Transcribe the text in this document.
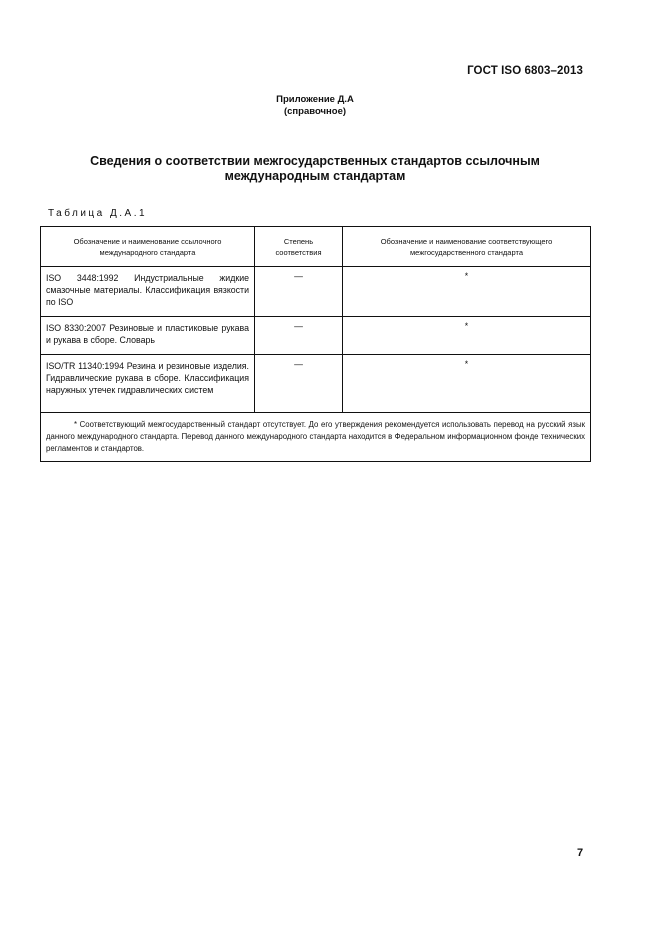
ГОСТ ISO 6803–2013
Приложение Д.А
(справочное)
Сведения о соответствии межгосударственных стандартов ссылочным
международным стандартам
Таблица Д.А.1
Обозначение и наименование ссылочного международного стандарта	Степень соответствия	Обозначение и наименование соответствующего межгосударственного стандарта
ISO 3448:1992 Индустриальные жидкие смазочные материалы. Классификация вязкости по ISO	—	*
ISO 8330:2007 Резиновые и пластиковые рукава и рукава в сборе. Словарь	—	*
ISO/TR 11340:1994 Резина и резиновые изделия. Гидравлические рукава в сборе. Классификация наружных утечек гидравлических систем	—	*
* Соответствующий межгосударственный стандарт отсутствует. До его утверждения рекомендуется использовать перевод на русский язык данного международного стандарта. Перевод данного международного стандарта находится в Федеральном информационном фонде технических регламентов и стандартов.		
7
